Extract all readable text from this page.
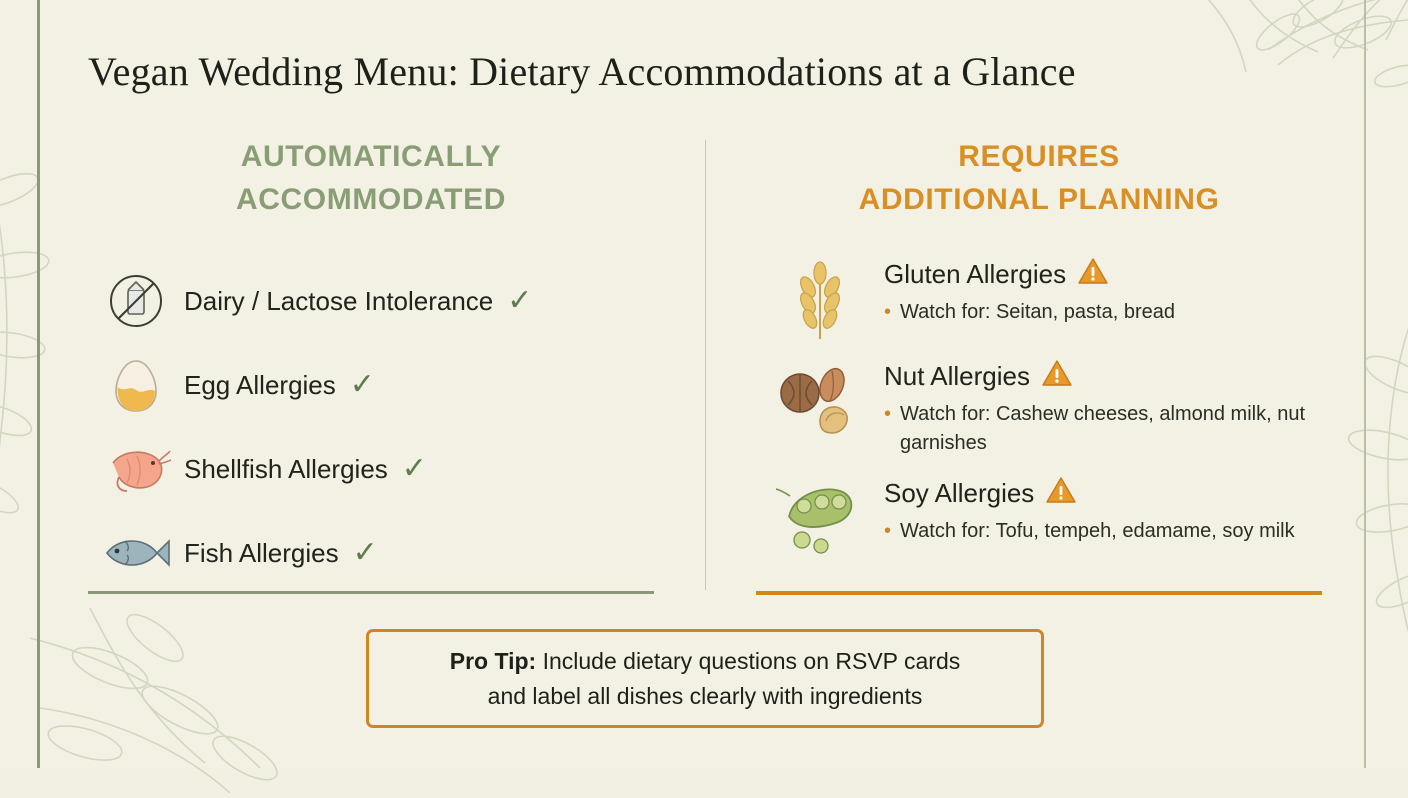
Vegan Wedding Menu: Dietary Accommodations at a Glance
AUTOMATICALLY
ACCOMMODATED
Dairy / Lactose Intolerance ✓
Egg Allergies ✓
Shellfish Allergies ✓
Fish Allergies ✓
REQUIRES
ADDITIONAL PLANNING
Gluten Allergies
• Watch for: Seitan, pasta, bread
Nut Allergies
• Watch for: Cashew cheeses, almond milk, nut garnishes
Soy Allergies
• Watch for: Tofu, tempeh, edamame, soy milk
Pro Tip: Include dietary questions on RSVP cards
and label all dishes clearly with ingredients
